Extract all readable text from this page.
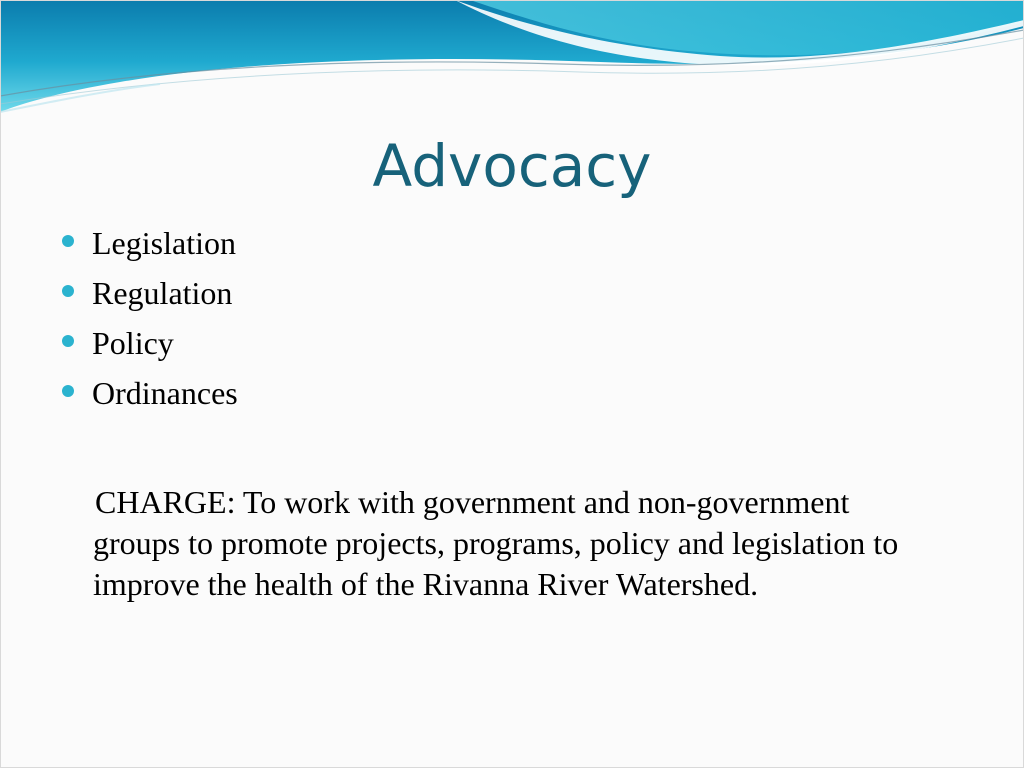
Advocacy
Legislation
Regulation
Policy
Ordinances

CHARGE: To work with government and non-government groups to promote projects, programs, policy and legislation to improve the health of the Rivanna River Watershed.
